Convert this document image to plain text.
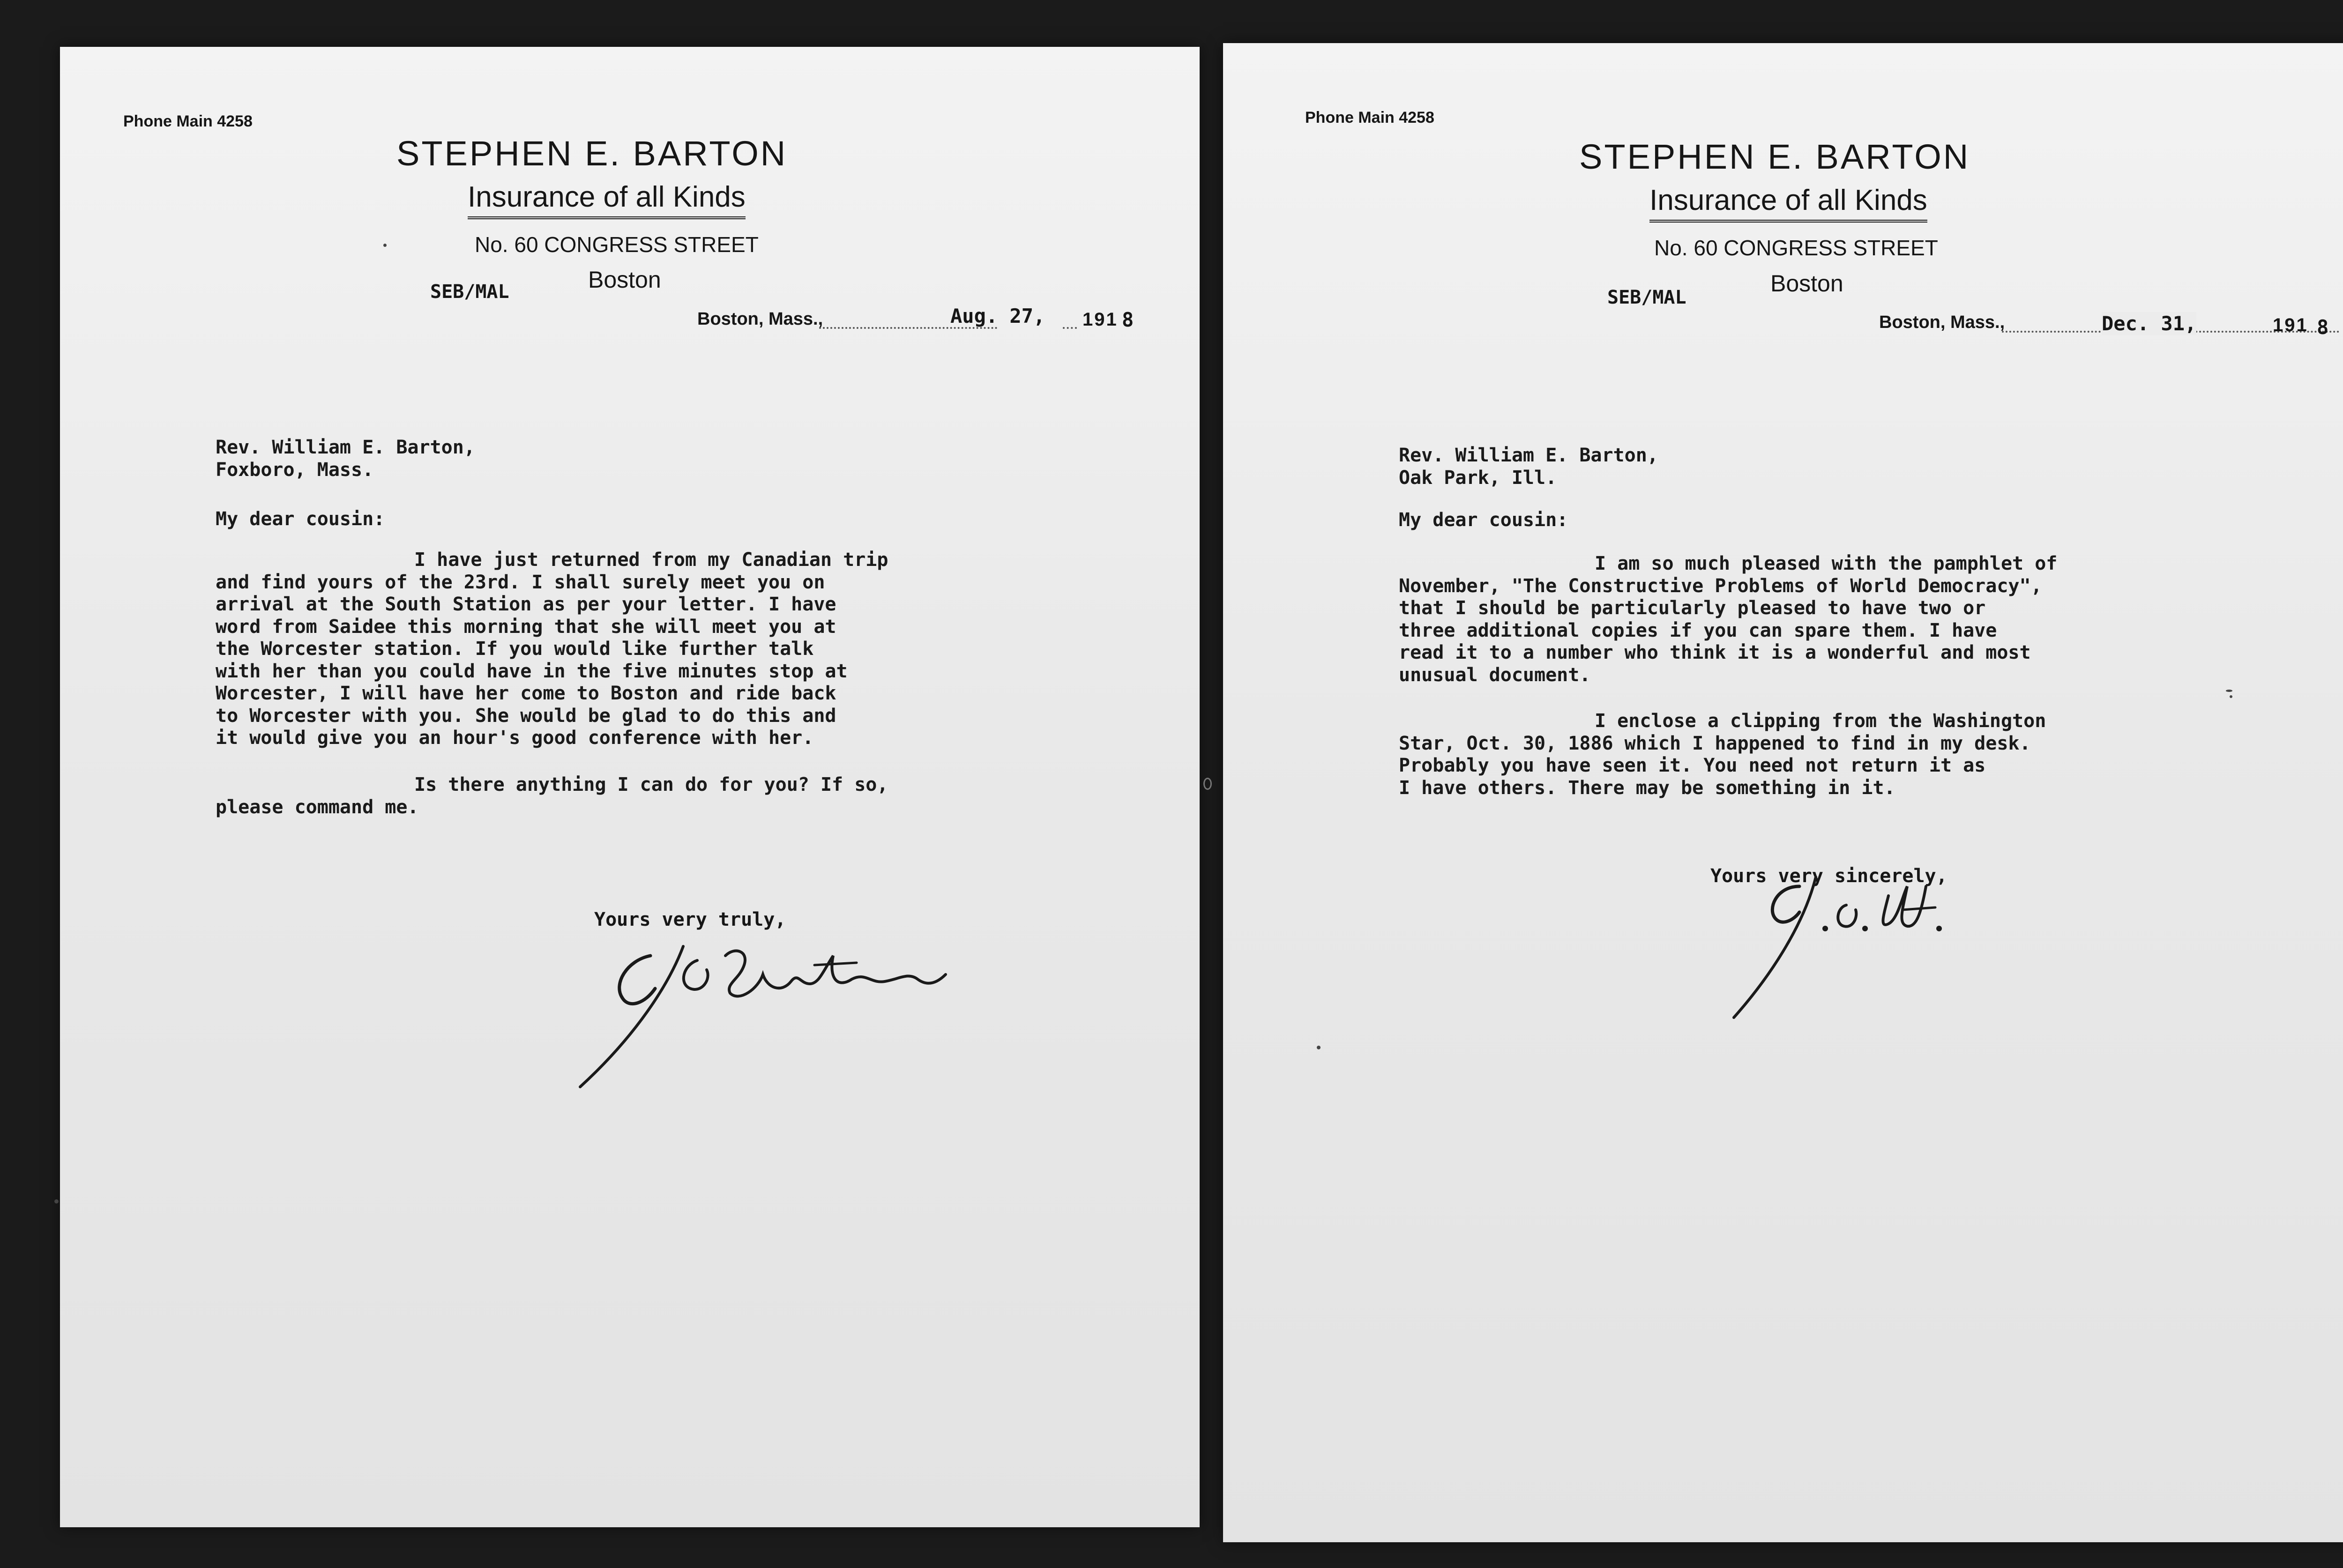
Phone Main 4258
STEPHEN E. BARTON
Insurance of all Kinds
No. 60 CONGRESS STREET
Boston
SEB/MAL
Boston, Mass.,	Aug. 27, 191 8
Rev. William E. Barton,
Foxboro, Mass.
My dear cousin:
I have just returned from my Canadian trip
and find yours of the 23rd. I shall surely meet you on
arrival at the South Station as per your letter. I have
word from Saidee this morning that she will meet you at
the Worcester station. If you would like further talk
with her than you could have in the five minutes stop at
Worcester, I will have her come to Boston and ride back
to Worcester with you. She would be glad to do this and
it would give you an hour's good conference with her.
Is there anything I can do for you? If so,
please command me.
Yours very truly,
Phone Main 4258
STEPHEN E. BARTON
Insurance of all Kinds
No. 60 CONGRESS STREET
Boston
SEB/MAL
Boston, Mass.,	Dec. 31,	191 8
Rev. William E. Barton,
Oak Park, Ill.
My dear cousin:
I am so much pleased with the pamphlet of
November, "The Constructive Problems of World Democracy",
that I should be particularly pleased to have two or
three additional copies if you can spare them. I have
read it to a number who think it is a wonderful and most
unusual document.
I enclose a clipping from the Washington
Star, Oct. 30, 1886 which I happened to find in my desk.
Probably you have seen it. You need not return it as
I have others. There may be something in it.
Yours very sincerely,
